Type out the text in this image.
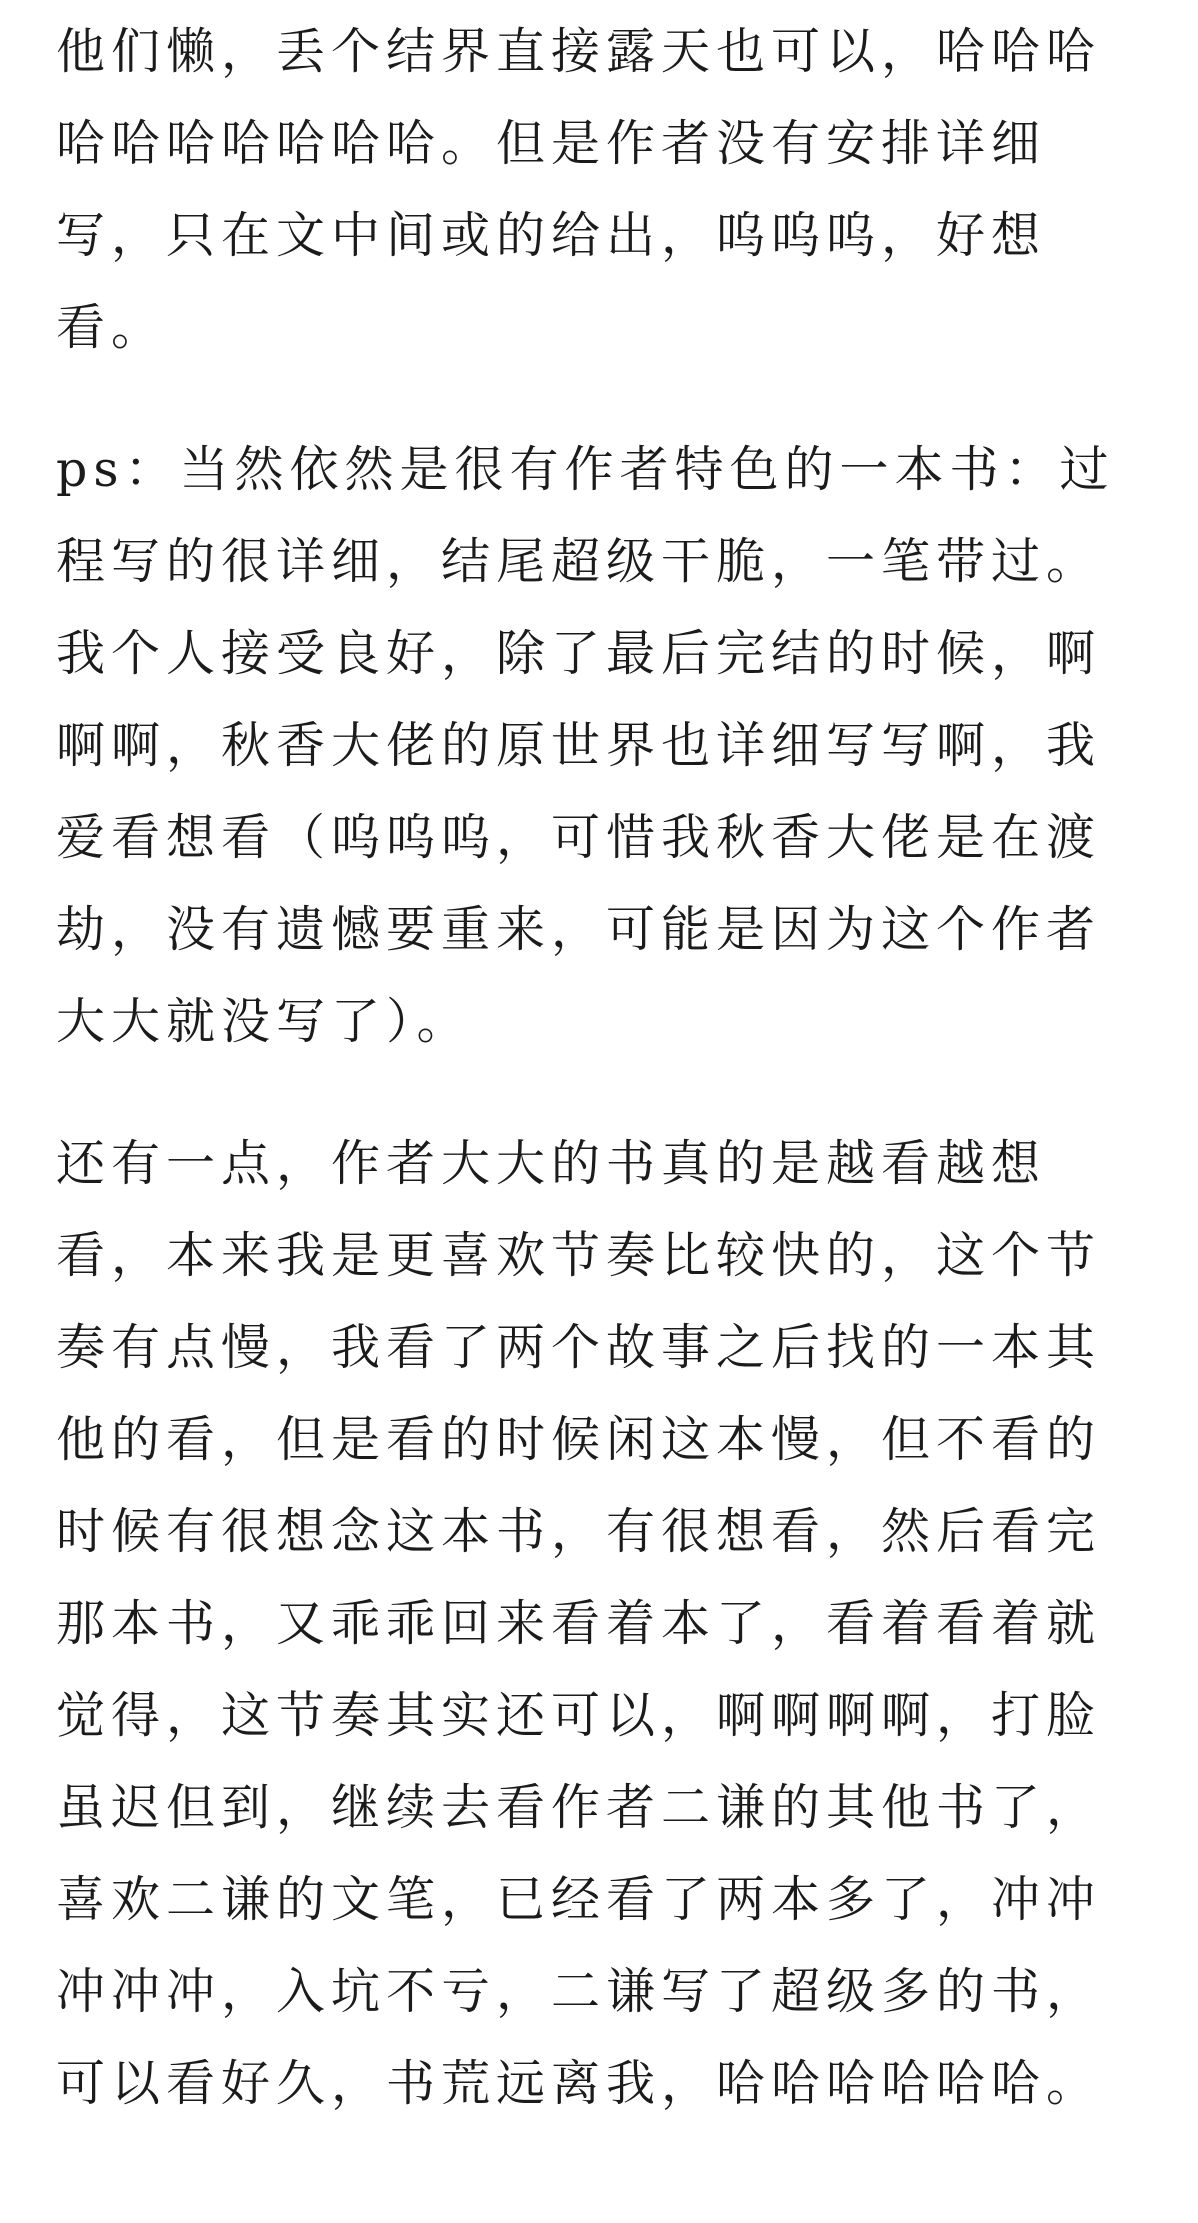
他们懒，丢个结界直接露天也可以，哈哈哈
哈哈哈哈哈哈哈。但是作者没有安排详细
写，只在文中间或的给出，呜呜呜，好想
看。
ps：当然依然是很有作者特色的一本书：过
程写的很详细，结尾超级干脆，一笔带过。
我个人接受良好，除了最后完结的时候，啊
啊啊，秋香大佬的原世界也详细写写啊，我
爱看想看（呜呜呜，可惜我秋香大佬是在渡
劫，没有遗憾要重来，可能是因为这个作者
大大就没写了）。
还有一点，作者大大的书真的是越看越想
看，本来我是更喜欢节奏比较快的，这个节
奏有点慢，我看了两个故事之后找的一本其
他的看，但是看的时候闲这本慢，但不看的
时候有很想念这本书，有很想看，然后看完
那本书，又乖乖回来看着本了，看着看着就
觉得，这节奏其实还可以，啊啊啊啊，打脸
虽迟但到，继续去看作者二谦的其他书了，
喜欢二谦的文笔，已经看了两本多了，冲冲
冲冲冲，入坑不亏，二谦写了超级多的书，
可以看好久，书荒远离我，哈哈哈哈哈哈。
